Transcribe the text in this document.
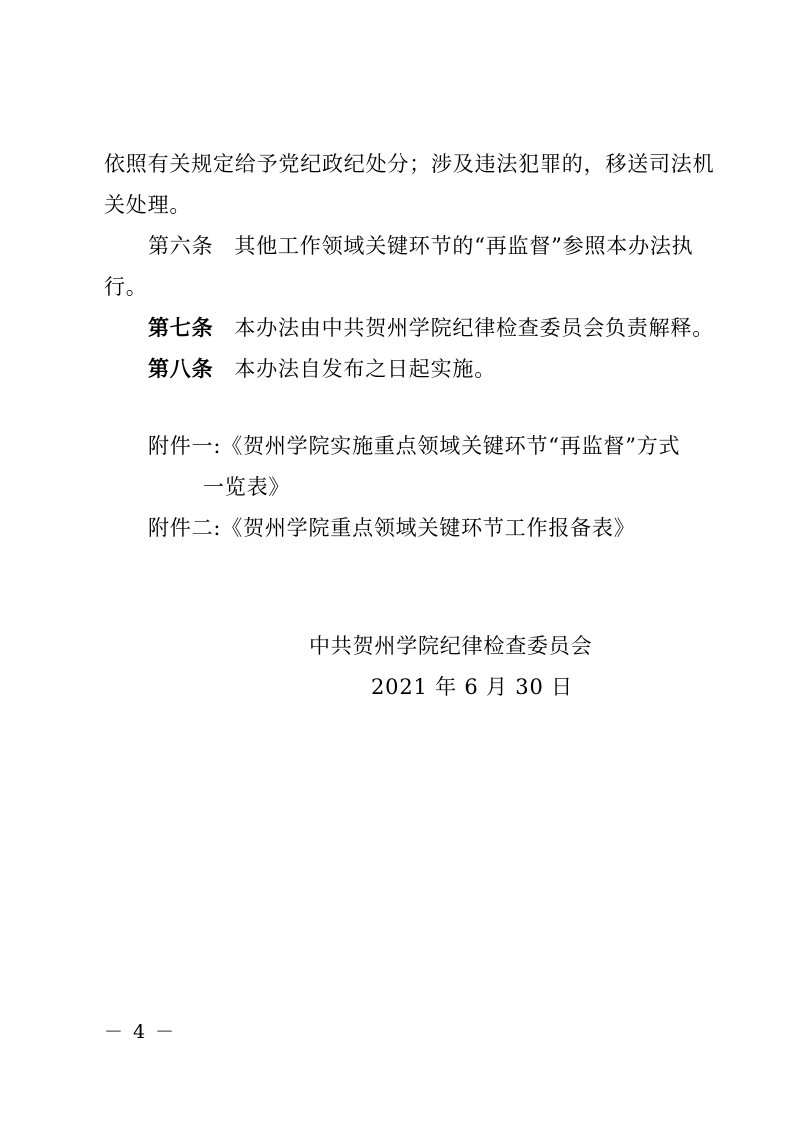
依照有关规定给予党纪政纪处分；涉及违法犯罪的，移送司法机
关处理。
第六条 其他工作领域关键环节的“再监督”参照本办法执
行。
第七条 本办法由中共贺州学院纪律检查委员会负责解释。
第八条 本办法自发布之日起实施。
附件一:《贺州学院实施重点领域关键环节“再监督”方式
一览表》
附件二:《贺州学院重点领域关键环节工作报备表》
中共贺州学院纪律检查委员会
2021 年 6 月 30 日
－ 4 －
